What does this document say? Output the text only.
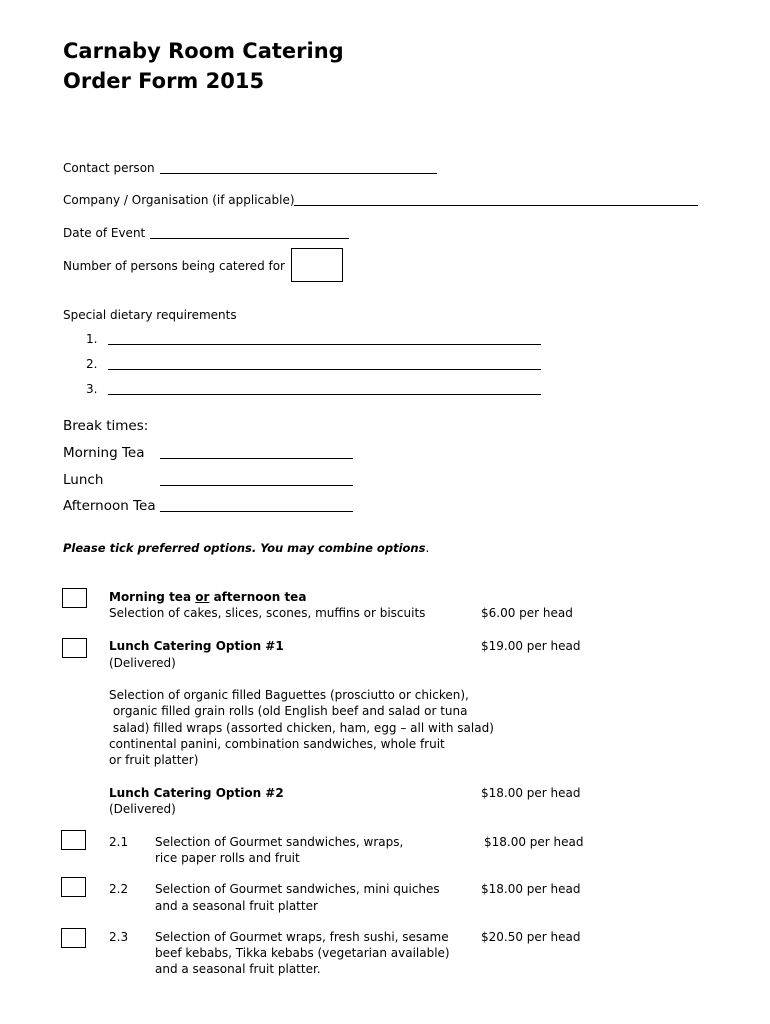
Carnaby Room Catering
Order Form 2015
Contact person
Company / Organisation (if applicable)
Date of Event
Number of persons being catered for
Special dietary requirements
1.
2.
3.
Break times:
Morning Tea
Lunch
Afternoon Tea
Please tick preferred options. You may combine options.
Morning tea or afternoon tea
Selection of cakes, slices, scones, muffins or biscuits	$6.00 per head
Lunch Catering Option #1
(Delivered)
$19.00 per head
Selection of organic filled Baguettes (prosciutto or chicken),
organic filled grain rolls (old English beef and salad or tuna
salad) filled wraps (assorted chicken, ham, egg – all with salad)
continental panini, combination sandwiches, whole fruit
or fruit platter)
Lunch Catering Option #2
(Delivered)
$18.00 per head
2.1 Selection of Gourmet sandwiches, wraps,
rice paper rolls and fruit
$18.00 per head
2.2 Selection of Gourmet sandwiches, mini quiches
and a seasonal fruit platter
$18.00 per head
2.3 Selection of Gourmet wraps, fresh sushi, sesame
beef kebabs, Tikka kebabs (vegetarian available)
and a seasonal fruit platter.
$20.50 per head
